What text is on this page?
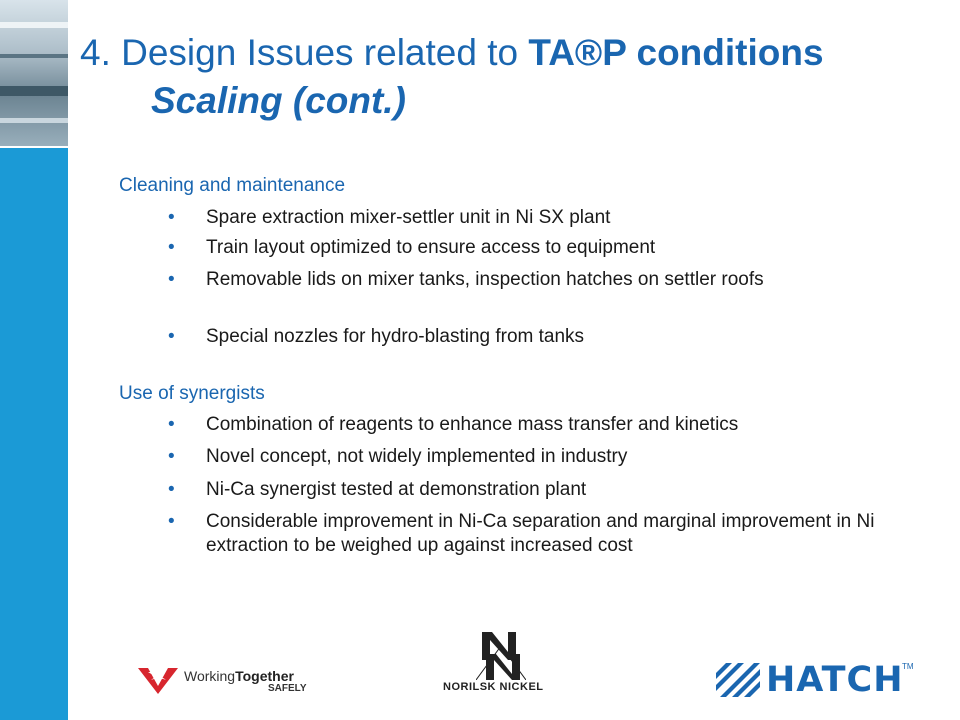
4. Design Issues related to TA®P conditions
Scaling (cont.)
Cleaning and maintenance
• Spare extraction mixer-settler unit in Ni SX plant
• Train layout optimized to ensure access to equipment
• Removable lids on mixer tanks, inspection hatches on settler roofs
• Special nozzles for hydro-blasting from tanks
Use of synergists
• Combination of reagents to enhance mass transfer and kinetics
• Novel concept, not widely implemented in industry
• Ni-Ca synergist tested at demonstration plant
• Considerable improvement in Ni-Ca separation and marginal improvement in Ni extraction to be weighed up against increased cost
WorkingTogether
SAFELY	NORILSK NICKEL	HATCH
TM
